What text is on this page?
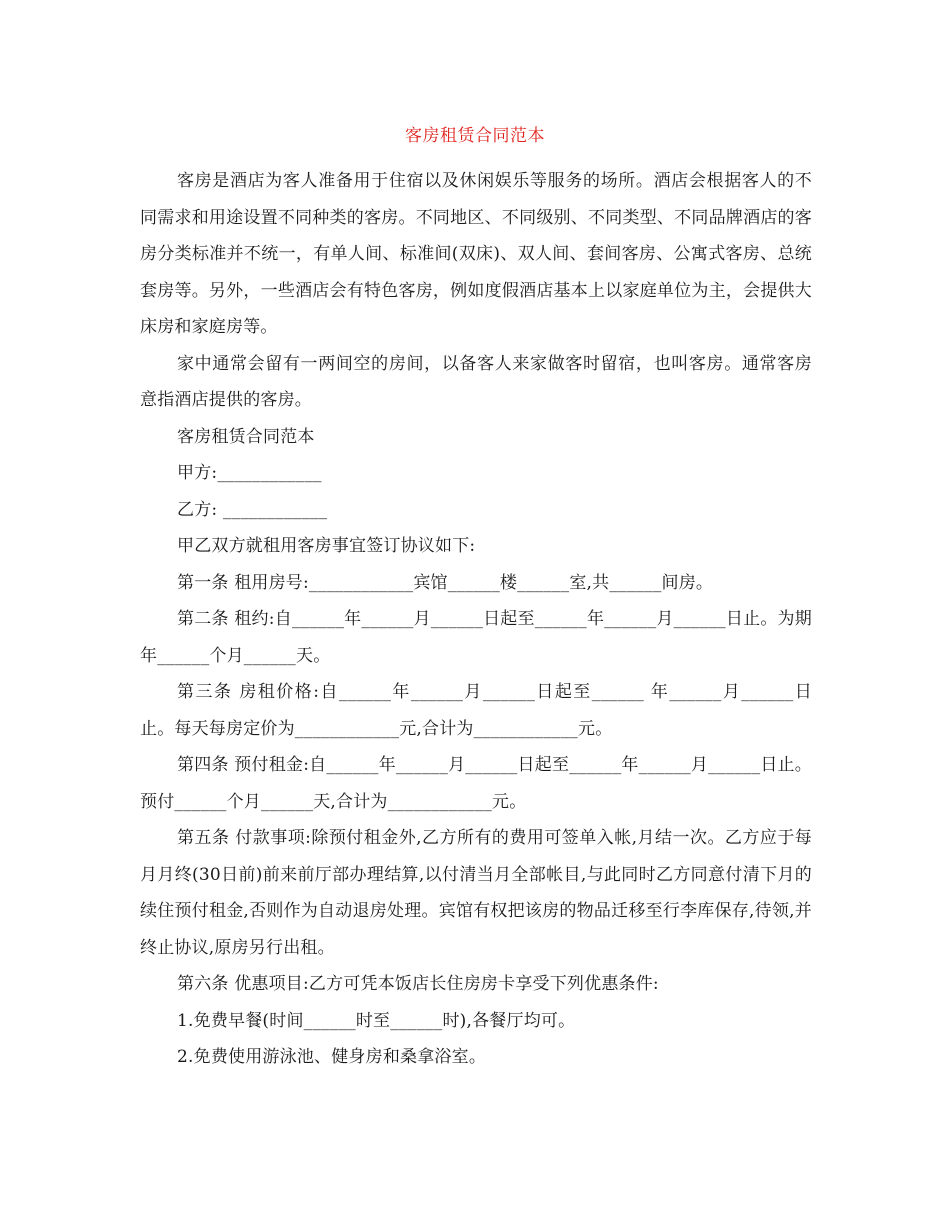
客房租赁合同范本

客房是酒店为客人准备用于住宿以及休闲娱乐等服务的场所。酒店会根据客人的不同需求和用途设置不同种类的客房。不同地区、不同级别、不同类型、不同品牌酒店的客房分类标准并不统一，有单人间、标准间(双床)、双人间、套间客房、公寓式客房、总统套房等。另外，一些酒店会有特色客房，例如度假酒店基本上以家庭单位为主，会提供大床房和家庭房等。

家中通常会留有一两间空的房间，以备客人来家做客时留宿，也叫客房。通常客房意指酒店提供的客房。

客房租赁合同范本

甲方:____________

乙方: ____________

甲乙双方就租用客房事宜签订协议如下:

第一条 租用房号:____________宾馆______楼______室,共______间房。

第二条 租约:自______年______月______日起至______年______月______日止。为期 年______个月______天。

第三条 房租价格:自______年______月______日起至______ 年______月______日止。每天每房定价为____________元,合计为____________元。

第四条 预付租金:自______年______月______日起至______年______月______日止。预付______个月______天,合计为____________元。

第五条 付款事项:除预付租金外,乙方所有的费用可签单入帐,月结一次。乙方应于每月月终(30日前)前来前厅部办理结算,以付清当月全部帐目,与此同时乙方同意付清下月的续住预付租金,否则作为自动退房处理。宾馆有权把该房的物品迁移至行李库保存,待领,并终止协议,原房另行出租。

第六条 优惠项目:乙方可凭本饭店长住房房卡享受下列优惠条件:

1.免费早餐(时间______时至______时),各餐厅均可。

2.免费使用游泳池、健身房和桑拿浴室。
